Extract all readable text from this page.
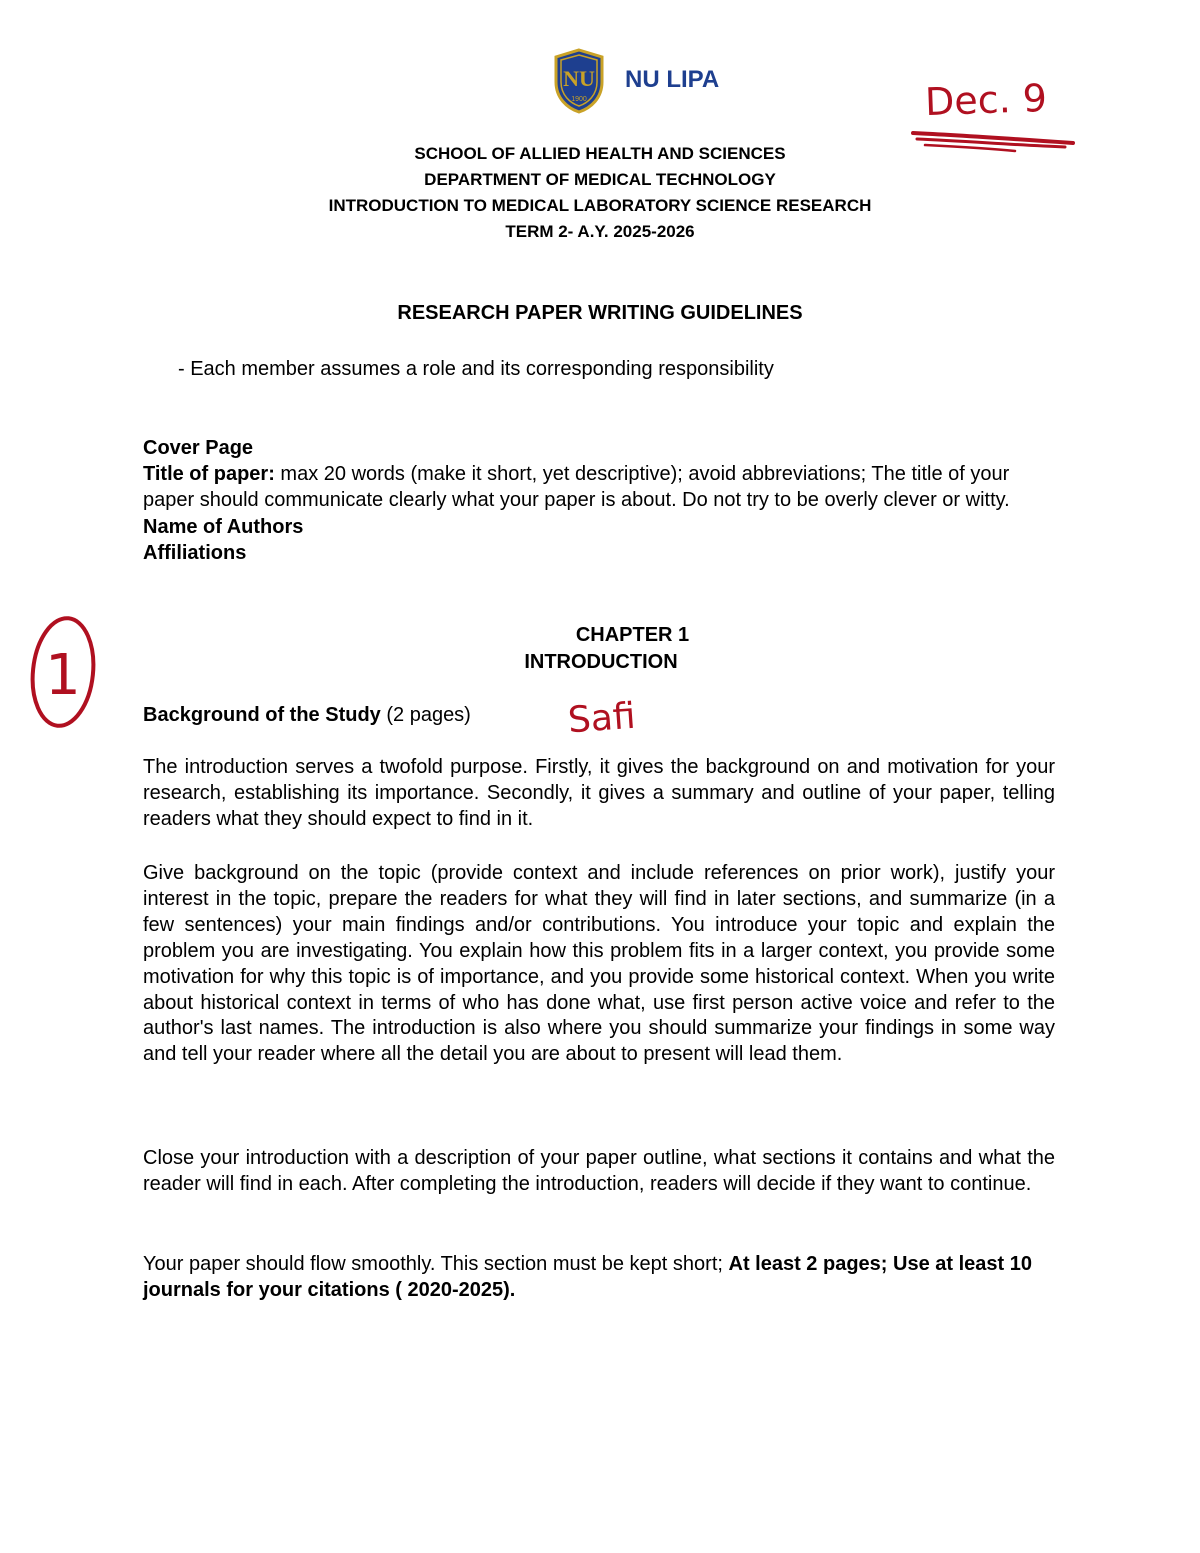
NU
1900
NU LIPA	Dec. 9
SCHOOL OF ALLIED HEALTH AND SCIENCES
DEPARTMENT OF MEDICAL TECHNOLOGY
INTRODUCTION TO MEDICAL LABORATORY SCIENCE RESEARCH
TERM 2- A.Y. 2025-2026
RESEARCH PAPER WRITING GUIDELINES
- Each member assumes a role and its corresponding responsibility
Cover Page
Title of paper: max 20 words (make it short, yet descriptive); avoid abbreviations; The title of your paper should communicate clearly what your paper is about. Do not try to be overly clever or witty.
Name of Authors
Affiliations
1
CHAPTER 1
INTRODUCTION
Background of the Study (2 pages)	Safi
The introduction serves a twofold purpose. Firstly, it gives the background on and motivation for your research, establishing its importance. Secondly, it gives a summary and outline of your paper, telling readers what they should expect to find in it.
Give background on the topic (provide context and include references on prior work), justify your interest in the topic, prepare the readers for what they will find in later sections, and summarize (in a few sentences) your main findings and/or contributions. You introduce your topic and explain the problem you are investigating. You explain how this problem fits in a larger context, you provide some motivation for why this topic is of importance, and you provide some historical context. When you write about historical context in terms of who has done what, use first person active voice and refer to the author's last names. The introduction is also where you should summarize your findings in some way and tell your reader where all the detail you are about to present will lead them.
Close your introduction with a description of your paper outline, what sections it contains and what the reader will find in each. After completing the introduction, readers will decide if they want to continue.
Your paper should flow smoothly. This section must be kept short; At least 2 pages; Use at least 10 journals for your citations ( 2020-2025).
